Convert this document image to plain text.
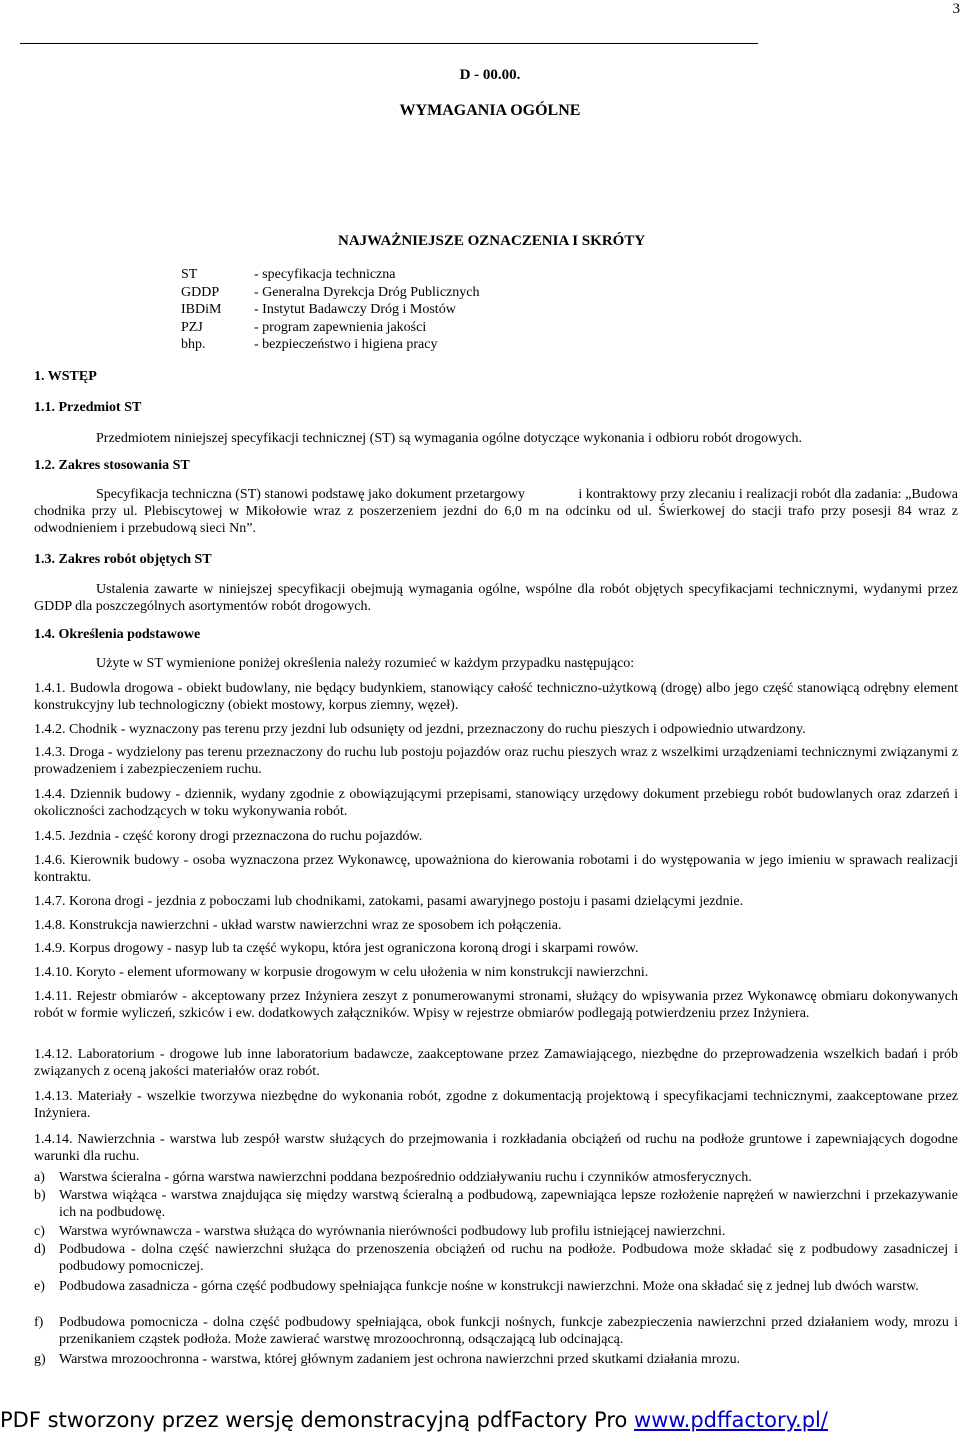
3
D - 00.00.
WYMAGANIA OGÓLNE
NAJWAŻNIEJSZE OZNACZENIA I SKRÓTY
ST	- specyfikacja techniczna
GDDP	- Generalna Dyrekcja Dróg Publicznych
IBDiM	- Instytut Badawczy Dróg i Mostów
PZJ	- program zapewnienia jakości
bhp.	- bezpieczeństwo i higiena pracy
1. WSTĘP
1.1. Przedmiot ST
Przedmiotem niniejszej specyfikacji technicznej (ST) są wymagania ogólne dotyczące wykonania i odbioru robót drogowych.
1.2. Zakres stosowania ST
Specyfikacja techniczna (ST) stanowi podstawę jako dokument przetargowy               i kontraktowy przy zlecaniu i realizacji robót dla zadania: „Budowa chodnika przy ul. Plebiscytowej w Mikołowie wraz z poszerzeniem jezdni do 6,0 m na odcinku od ul. Świerkowej do stacji trafo przy posesji 84 wraz z odwodnieniem i przebudową sieci Nn”.
1.3. Zakres robót objętych ST
Ustalenia zawarte w niniejszej specyfikacji obejmują wymagania ogólne, wspólne dla robót objętych specyfikacjami technicznymi, wydanymi przez GDDP dla poszczególnych asortymentów robót drogowych.
1.4. Określenia podstawowe
Użyte w ST wymienione poniżej określenia należy rozumieć w każdym przypadku następująco:
1.4.1. Budowla drogowa - obiekt budowlany, nie będący budynkiem, stanowiący całość techniczno-użytkową (drogę) albo jego część stanowiącą odrębny element konstrukcyjny lub technologiczny (obiekt mostowy, korpus ziemny, węzeł).
1.4.2. Chodnik - wyznaczony pas terenu przy jezdni lub odsunięty od jezdni, przeznaczony do ruchu pieszych i odpowiednio utwardzony.
1.4.3. Droga - wydzielony pas terenu przeznaczony do ruchu lub postoju pojazdów oraz ruchu pieszych wraz z wszelkimi urządzeniami technicznymi związanymi z prowadzeniem i zabezpieczeniem ruchu.
1.4.4. Dziennik budowy - dziennik, wydany zgodnie z obowiązującymi przepisami, stanowiący urzędowy dokument przebiegu robót budowlanych oraz zdarzeń i okoliczności zachodzących w toku wykonywania robót.
1.4.5. Jezdnia - część korony drogi przeznaczona do ruchu pojazdów.
1.4.6. Kierownik budowy - osoba wyznaczona przez Wykonawcę, upoważniona do kierowania robotami i do występowania w jego imieniu w sprawach realizacji kontraktu.
1.4.7. Korona drogi - jezdnia z poboczami lub chodnikami, zatokami, pasami awaryjnego postoju i pasami dzielącymi jezdnie.
1.4.8. Konstrukcja nawierzchni - układ warstw nawierzchni wraz ze sposobem ich połączenia.
1.4.9. Korpus drogowy - nasyp lub ta część wykopu, która jest ograniczona koroną drogi i skarpami rowów.
1.4.10. Koryto - element uformowany w korpusie drogowym w celu ułożenia w nim konstrukcji nawierzchni.
1.4.11. Rejestr obmiarów - akceptowany przez Inżyniera zeszyt z ponumerowanymi stronami, służący do wpisywania przez Wykonawcę obmiaru dokonywanych robót w formie wyliczeń, szkiców i ew. dodatkowych załączników. Wpisy w rejestrze obmiarów podlegają potwierdzeniu przez Inżyniera.
1.4.12. Laboratorium - drogowe lub inne laboratorium badawcze, zaakceptowane przez Zamawiającego, niezbędne do przeprowadzenia wszelkich badań i prób związanych z oceną jakości materiałów oraz robót.
1.4.13. Materiały - wszelkie tworzywa niezbędne do wykonania robót, zgodne z dokumentacją projektową i specyfikacjami technicznymi, zaakceptowane przez Inżyniera.
1.4.14. Nawierzchnia - warstwa lub zespół warstw służących do przejmowania i rozkładania obciążeń od ruchu na podłoże gruntowe i zapewniających dogodne warunki dla ruchu.
a)	Warstwa ścieralna - górna warstwa nawierzchni poddana bezpośrednio oddziaływaniu ruchu i czynników atmosferycznych.
b) Warstwa wiążąca - warstwa znajdująca się między warstwą ścieralną a podbudową, zapewniająca lepsze rozłożenie naprężeń w nawierzchni i przekazywanie ich na podbudowę.
c)	Warstwa wyrównawcza - warstwa służąca do wyrównania nierówności podbudowy lub profilu istniejącej nawierzchni.
d) Podbudowa - dolna część nawierzchni służąca do przenoszenia obciążeń od ruchu na podłoże. Podbudowa może składać się z podbudowy zasadniczej i podbudowy pomocniczej.
e)	Podbudowa zasadnicza - górna część podbudowy spełniająca funkcje nośne w konstrukcji nawierzchni. Może ona składać się z jednej lub dwóch warstw.
f)	Podbudowa pomocnicza - dolna część podbudowy spełniająca, obok funkcji nośnych, funkcje zabezpieczenia nawierzchni przed działaniem wody, mrozu i przenikaniem cząstek podłoża. Może zawierać warstwę mrozoochronną, odsączającą lub odcinającą.
g) Warstwa mrozoochronna - warstwa, której głównym zadaniem jest ochrona nawierzchni przed skutkami działania mrozu.
PDF stworzony przez wersję demonstracyjną pdfFactory Pro www.pdffactory.pl/
